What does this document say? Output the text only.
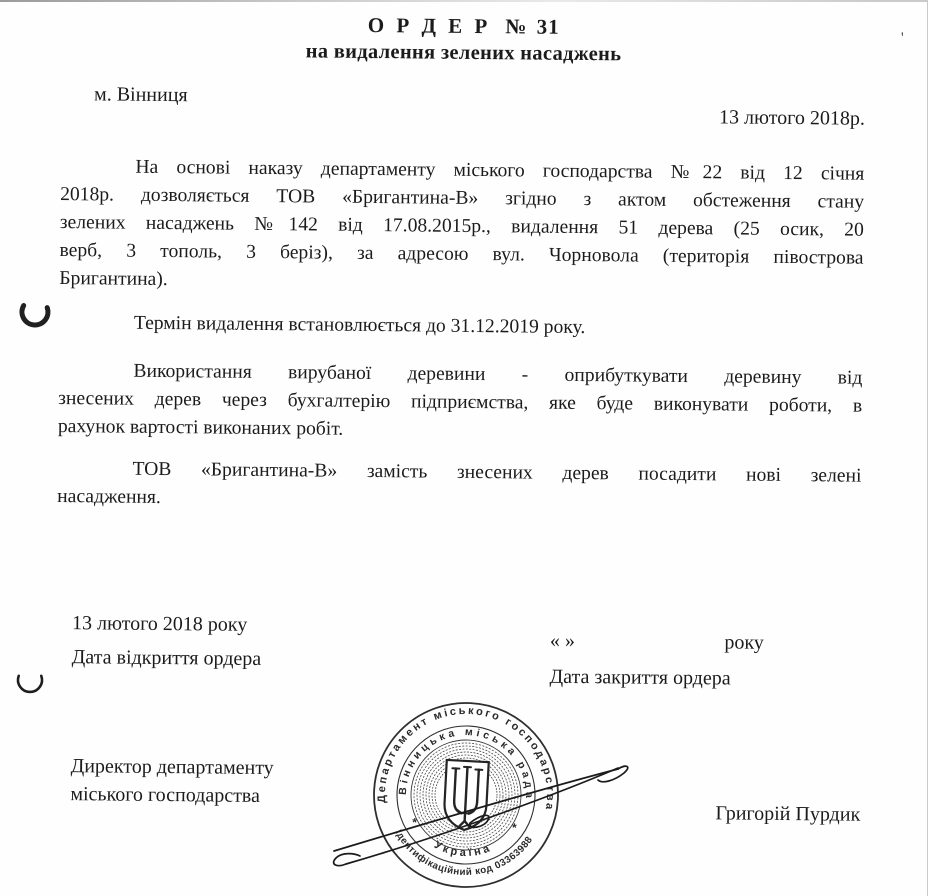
'
О Р Д Е Р № 31
на видалення зелених насаджень
м. Вінниця
13 лютого 2018р.
На основі наказу департаменту міського господарства №22 від 12 січня
2018р. дозволяється ТОВ «Бригантина-В» згідно з актом обстеження стану
зелених насаджень №142 від 17.08.2015р., видалення 51 дерева (25 осик, 20
верб, 3 тополь, 3 беріз), за адресою вул. Чорновола (територія півострова
Бригантина).
Термін видалення встановлюється до 31.12.2019 року.
Використання вирубаної деревини - оприбуткувати деревину від
знесених дерев через бухгалтерію підприємства, яке буде виконувати роботи, в
рахунок вартості виконаних робіт.
ТОВ «Бригантина-В» замість знесених дерев посадити нові зелені
насадження.
13 лютого 2018 року
Дата відкриття ордера
« »	року
Дата закриття ордера
Директор департаменту
міського господарства
Григорій Пурдик
Департамент міського господарства
Ідентифікаційний код 03363988
Вінницька міська рада
Україна
*	*
